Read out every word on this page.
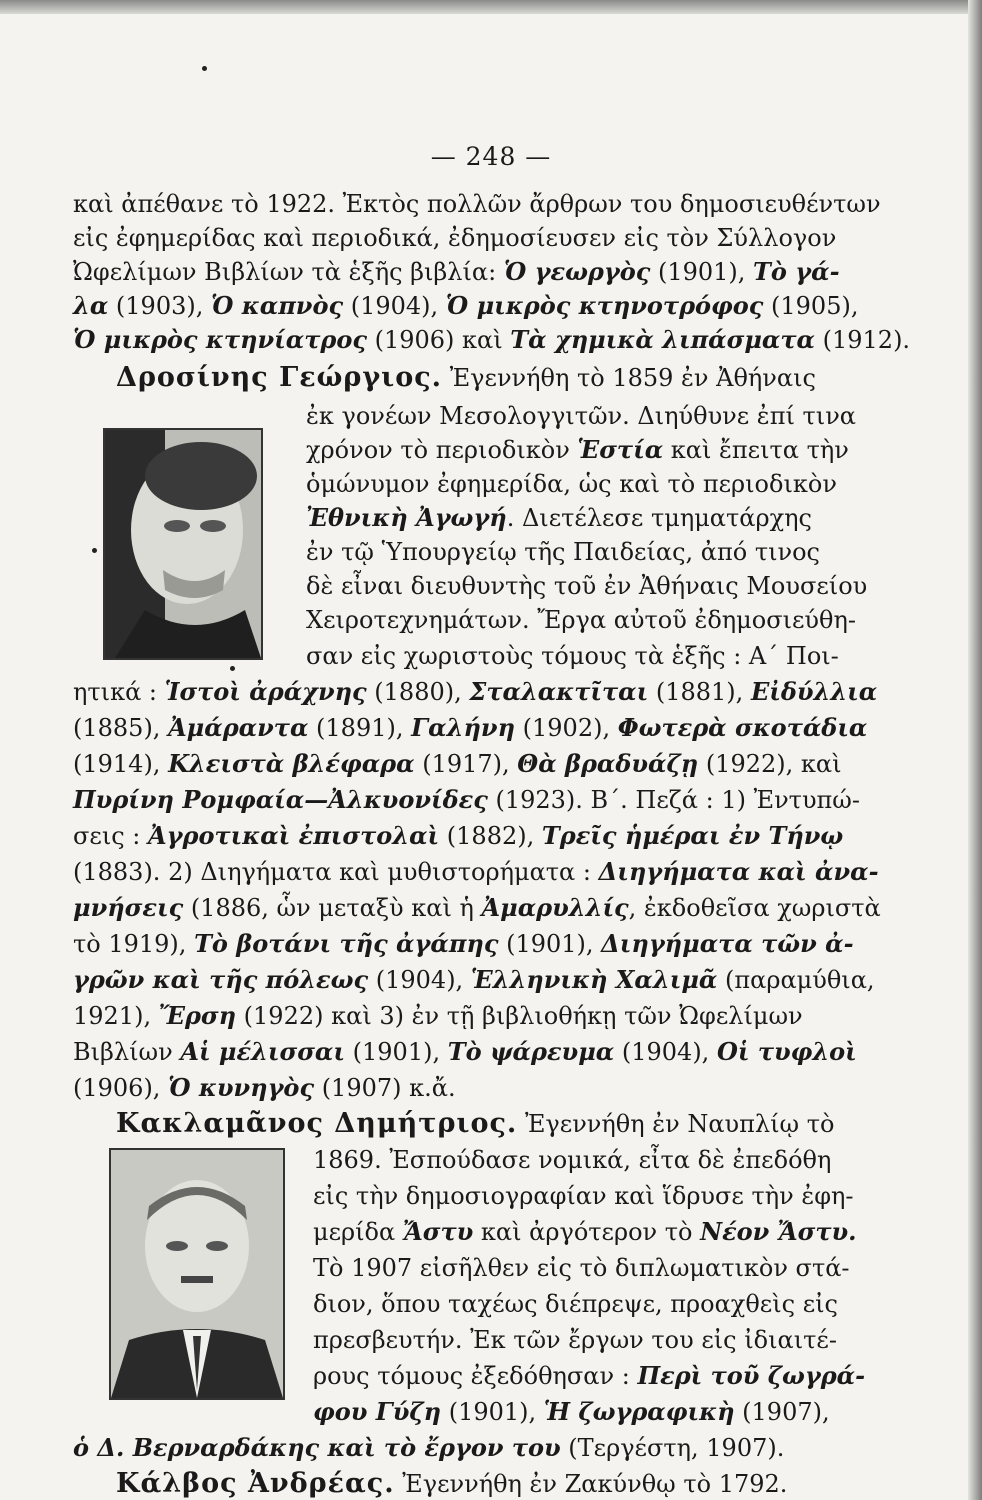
— 248 —
καὶ ἀπέθανε τὸ 1922. Ἐκτὸς πολλῶν ἄρθρων του δημοσιευθέντων
εἰς ἐφημερίδας καὶ περιοδικά, ἐδημοσίευσεν εἰς τὸν Σύλλογον
Ὠφελίμων Βιβλίων τὰ ἑξῆς βιβλία: Ὁ γεωργὸς (1901), Τὸ γά-
λα (1903), Ὁ καπνὸς (1904), Ὁ μικρὸς κτηνοτρόφος (1905),
Ὁ μικρὸς κτηνίατρος (1906) καὶ Τὰ χημικὰ λιπάσματα (1912).
Δροσίνης Γεώργιος. Ἐγεννήθη τὸ 1859 ἐν Ἀθήναις
ἐκ γονέων Μεσολογγιτῶν. Διηύθυνε ἐπί τινα
χρόνον τὸ περιοδικὸν Ἑστία καὶ ἔπειτα τὴν
ὁμώνυμον ἐφημερίδα, ὡς καὶ τὸ περιοδικὸν
Ἐθνικὴ Ἀγωγή. Διετέλεσε τμηματάρχης
ἐν τῷ Ὑπουργείῳ τῆς Παιδείας, ἀπό τινος
δὲ εἶναι διευθυντὴς τοῦ ἐν Ἀθήναις Μουσείου
Χειροτεχνημάτων. Ἔργα αὐτοῦ ἐδημοσιεύθη-
σαν εἰς χωριστοὺς τόμους τὰ ἑξῆς : Α΄ Ποι-
ητικά : Ἱστοὶ ἀράχνης (1880), Σταλακτῖται (1881), Εἰδύλλια
(1885), Ἀμάραντα (1891), Γαλήνη (1902), Φωτερὰ σκοτάδια
(1914), Κλειστὰ βλέφαρα (1917), Θὰ βραδυάζῃ (1922), καὶ
Πυρίνη Ρομφαία—Ἀλκυονίδες (1923). Β΄. Πεζά : 1) Ἐντυπώ-
σεις : Ἀγροτικαὶ ἐπιστολαὶ (1882), Τρεῖς ἡμέραι ἐν Τήνῳ
(1883). 2) Διηγήματα καὶ μυθιστορήματα : Διηγήματα καὶ ἀνα-
μνήσεις (1886, ὧν μεταξὺ καὶ ἡ Ἀμαρυλλίς, ἐκδοθεῖσα χωριστὰ
τὸ 1919), Τὸ βοτάνι τῆς ἀγάπης (1901), Διηγήματα τῶν ἀ-
γρῶν καὶ τῆς πόλεως (1904), Ἑλληνικὴ Χαλιμᾶ (παραμύθια,
1921), Ἔρση (1922) καὶ 3) ἐν τῇ βιβλιοθήκῃ τῶν Ὠφελίμων
Βιβλίων Αἱ μέλισσαι (1901), Τὸ ψάρευμα (1904), Οἱ τυφλοὶ
(1906), Ὁ κυνηγὸς (1907) κ.ἄ.
Κακλαμᾶνος Δημήτριος. Ἐγεννήθη ἐν Ναυπλίῳ τὸ
1869. Ἐσπούδασε νομικά, εἶτα δὲ ἐπεδόθη
εἰς τὴν δημοσιογραφίαν καὶ ἵδρυσε τὴν ἐφη-
μερίδα Ἄστυ καὶ ἀργότερον τὸ Νέον Ἄστυ.
Τὸ 1907 εἰσῆλθεν εἰς τὸ διπλωματικὸν στά-
διον, ὅπου ταχέως διέπρεψε, προαχθεὶς εἰς
πρεσβευτήν. Ἐκ τῶν ἔργων του εἰς ἰδιαιτέ-
ρους τόμους ἐξεδόθησαν : Περὶ τοῦ ζωγρά-
φου Γύζη (1901), Ἡ ζωγραφικὴ (1907),
ὁ Δ. Βερναρδάκης καὶ τὸ ἔργον του (Τεργέστη, 1907).
Κάλβος Ἀνδρέας. Ἐγεννήθη ἐν Ζακύνθῳ τὸ 1792.
